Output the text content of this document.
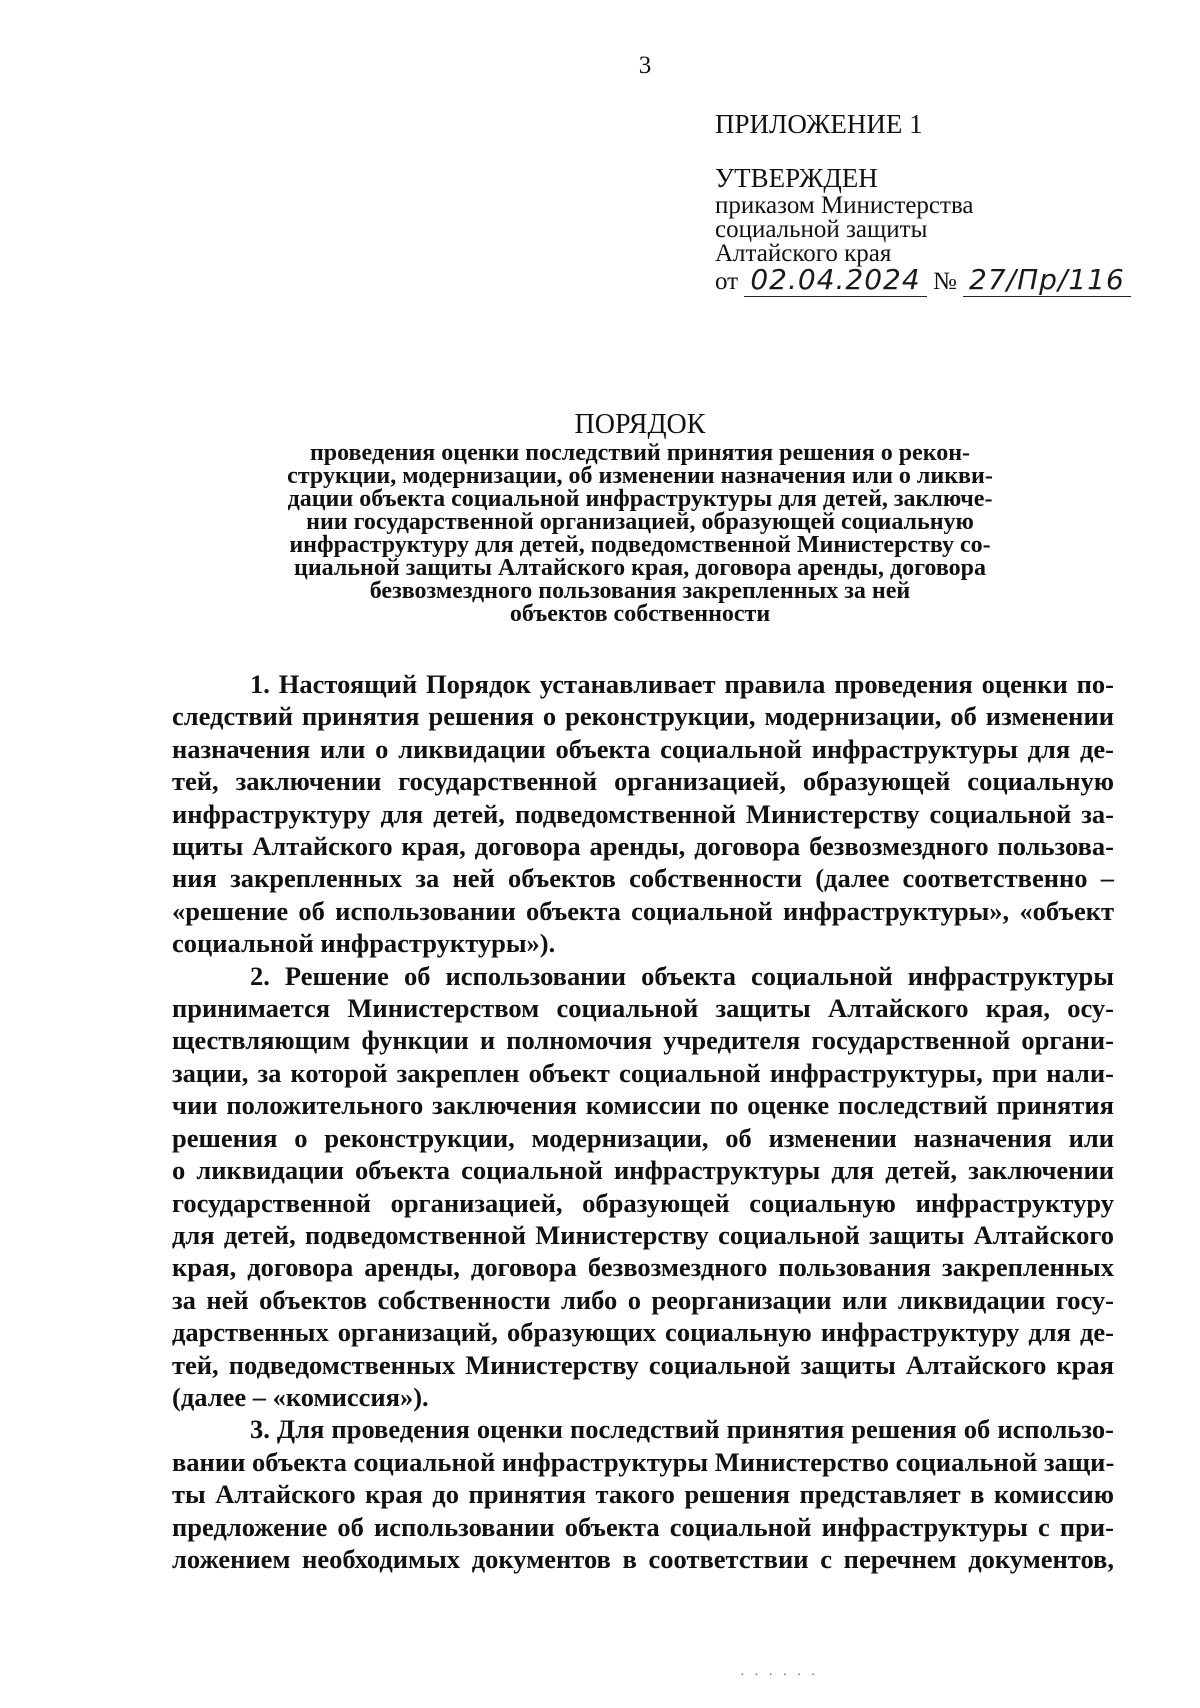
3
ПРИЛОЖЕНИЕ 1
УТВЕРЖДЕН
приказом Министерства
социальной защиты
Алтайского края
от 02.04.2024 № 27/Пр/116
ПОРЯДОК
проведения оценки последствий принятия решения о рекон-
струкции, модернизации, об изменении назначения или о ликви-
дации объекта социальной инфраструктуры для детей, заключе-
нии государственной организацией, образующей социальную
инфраструктуру для детей, подведомственной Министерству со-
циальной защиты Алтайского края, договора аренды, договора
безвозмездного пользования закрепленных за ней
объектов собственности
1. Настоящий Порядок устанавливает правила проведения оценки по-
следствий принятия решения о реконструкции, модернизации, об изменении
назначения или о ликвидации объекта социальной инфраструктуры для де-
тей, заключении государственной организацией, образующей социальную
инфраструктуру для детей, подведомственной Министерству социальной за-
щиты Алтайского края, договора аренды, договора безвозмездного пользова-
ния закрепленных за ней объектов собственности (далее соответственно –
«решение об использовании объекта социальной инфраструктуры», «объект
социальной инфраструктуры»).
2. Решение об использовании объекта социальной инфраструктуры
принимается Министерством социальной защиты Алтайского края, осу-
ществляющим функции и полномочия учредителя государственной органи-
зации, за которой закреплен объект социальной инфраструктуры, при нали-
чии положительного заключения комиссии по оценке последствий принятия
решения о реконструкции, модернизации, об изменении назначения или
о ликвидации объекта социальной инфраструктуры для детей, заключении
государственной организацией, образующей социальную инфраструктуру
для детей, подведомственной Министерству социальной защиты Алтайского
края, договора аренды, договора безвозмездного пользования закрепленных
за ней объектов собственности либо о реорганизации или ликвидации госу-
дарственных организаций, образующих социальную инфраструктуру для де-
тей, подведомственных Министерству социальной защиты Алтайского края
(далее – «комиссия»).
3. Для проведения оценки последствий принятия решения об использо-
вании объекта социальной инфраструктуры Министерство социальной защи-
ты Алтайского края до принятия такого решения представляет в комиссию
предложение об использовании объекта социальной инфраструктуры с при-
ложением необходимых документов в соответствии с перечнем документов,
· · · · · ·
